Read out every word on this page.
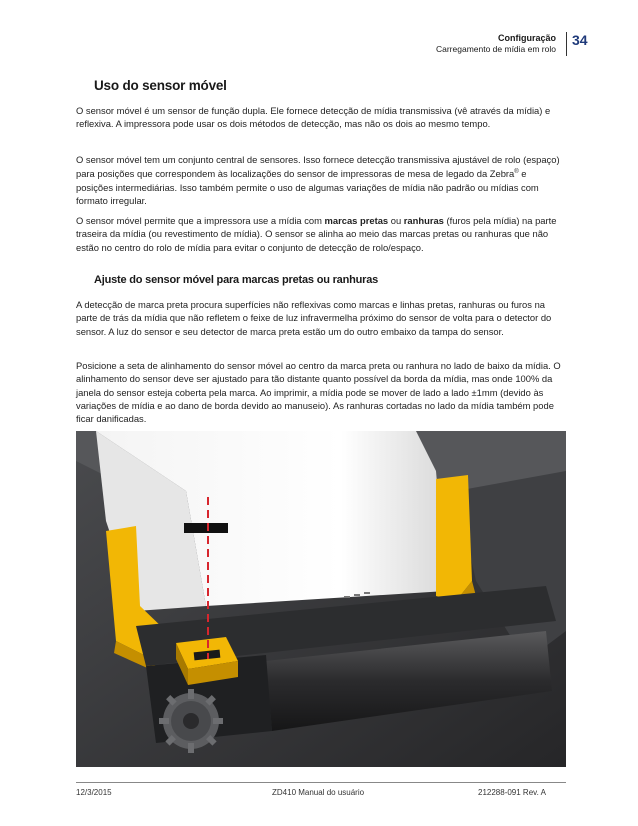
Configuração
Carregamento de mídia em rolo
34
Uso do sensor móvel

O sensor móvel é um sensor de função dupla. Ele fornece detecção de mídia transmissiva (vê através da mídia) e reflexiva. A impressora pode usar os dois métodos de detecção, mas não os dois ao mesmo tempo.

O sensor móvel tem um conjunto central de sensores. Isso fornece detecção transmissiva ajustável de rolo (espaço) para posições que correspondem às localizações do sensor de impressoras de mesa de legado da Zebra® e posições intermediárias. Isso também permite o uso de algumas variações de mídia não padrão ou mídias com formato irregular.

O sensor móvel permite que a impressora use a mídia com marcas pretas ou ranhuras (furos pela mídia) na parte traseira da mídia (ou revestimento de mídia). O sensor se alinha ao meio das marcas pretas ou ranhuras que não estão no centro do rolo de mídia para evitar o conjunto de detecção de rolo/espaço.

Ajuste do sensor móvel para marcas pretas ou ranhuras

A detecção de marca preta procura superfícies não reflexivas como marcas e linhas pretas, ranhuras ou furos na parte de trás da mídia que não refletem o feixe de luz infravermelha próximo do sensor de volta para o detector do sensor. A luz do sensor e seu detector de marca preta estão um do outro embaixo da tampa do sensor.

Posicione a seta de alinhamento do sensor móvel ao centro da marca preta ou ranhura no lado de baixo da mídia. O alinhamento do sensor deve ser ajustado para tão distante quanto possível da borda da mídia, mas onde 100% da janela do sensor esteja coberta pela marca. Ao imprimir, a mídia pode se mover de lado a lado ±1mm (devido às variações de mídia e ao dano de borda devido ao manuseio). As ranhuras cortadas no lado da mídia também pode ficar danificadas.

12/3/2015	ZD410 Manual do usuário	212288-091 Rev. A
